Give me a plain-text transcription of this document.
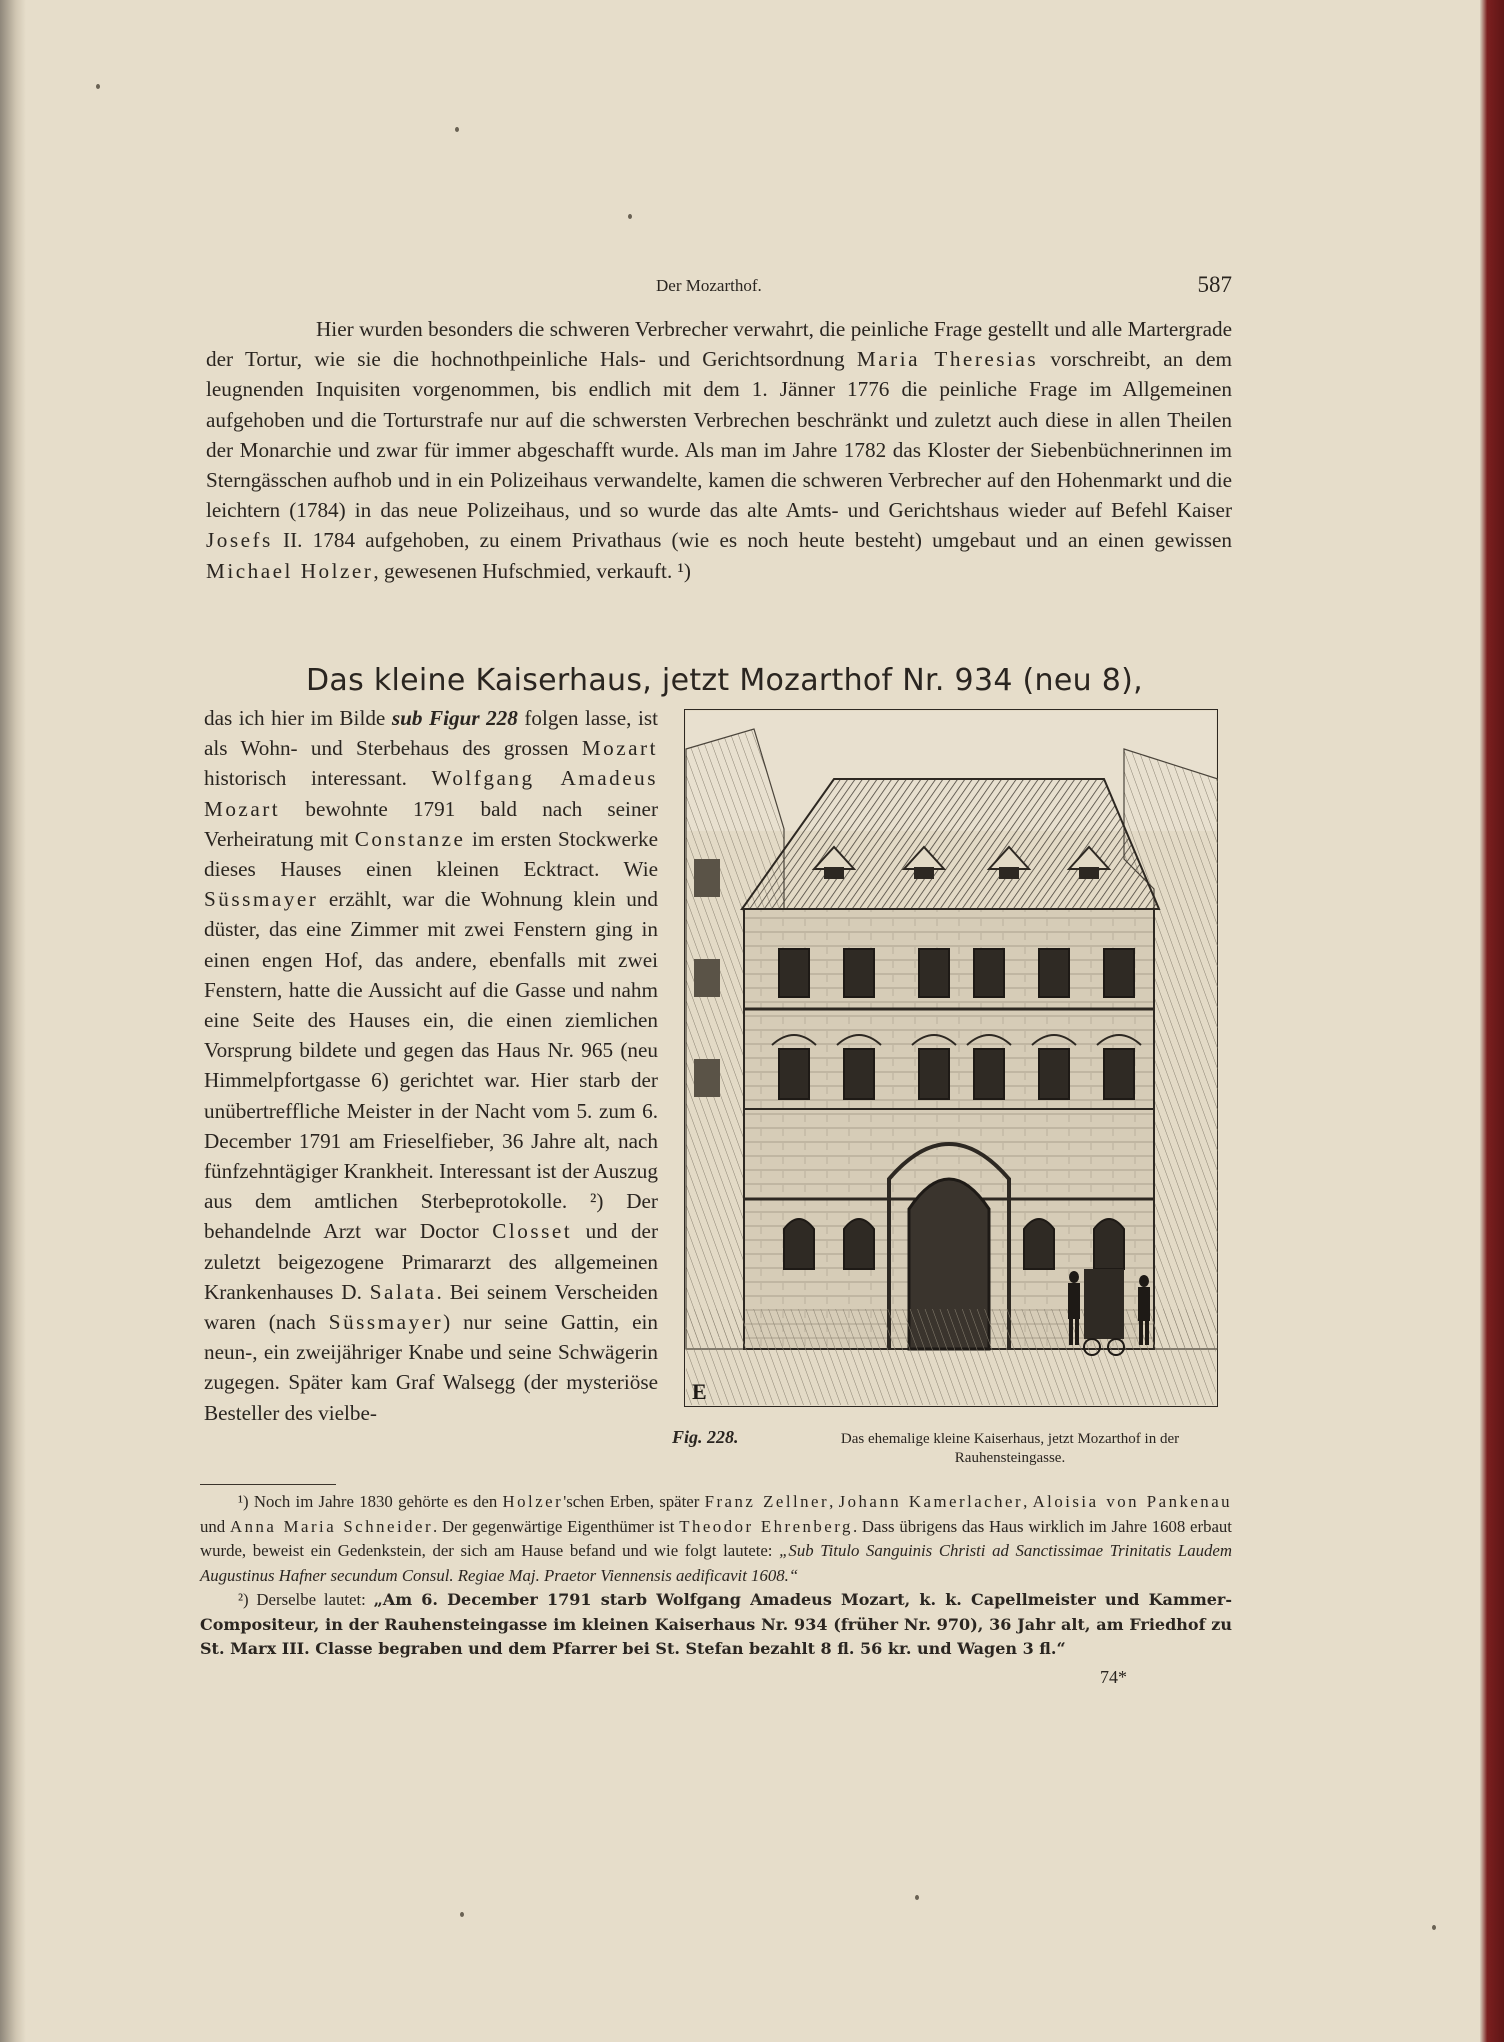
Der Mozarthof.	587

Hier wurden besonders die schweren Verbrecher verwahrt, die peinliche Frage gestellt und alle Martergrade der Tortur, wie sie die hochnothpeinliche Hals- und Gerichtsordnung Maria Theresias vorschreibt, an dem leugnenden Inquisiten vorgenommen, bis endlich mit dem 1. Jänner 1776 die peinliche Frage im Allgemeinen aufgehoben und die Torturstrafe nur auf die schwersten Verbrechen beschränkt und zuletzt auch diese in allen Theilen der Monarchie und zwar für immer abgeschafft wurde. Als man im Jahre 1782 das Kloster der Siebenbüchnerinnen im Sterngässchen aufhob und in ein Polizeihaus verwandelte, kamen die schweren Verbrecher auf den Hohenmarkt und die leichtern (1784) in das neue Polizeihaus, und so wurde das alte Amts- und Gerichtshaus wieder auf Befehl Kaiser Josefs II. 1784 aufgehoben, zu einem Privathaus (wie es noch heute besteht) umgebaut und an einen gewissen Michael Holzer, gewesenen Hufschmied, verkauft. ¹)

Das kleine Kaiserhaus, jetzt Mozarthof Nr. 934 (neu 8),

das ich hier im Bilde sub Figur 228 folgen lasse, ist als Wohn- und Sterbehaus des grossen Mozart historisch interessant. Wolfgang Amadeus Mozart bewohnte 1791 bald nach seiner Verheiratung mit Constanze im ersten Stockwerke dieses Hauses einen kleinen Ecktract. Wie Süssmayer erzählt, war die Wohnung klein und düster, das eine Zimmer mit zwei Fenstern ging in einen engen Hof, das andere, ebenfalls mit zwei Fenstern, hatte die Aussicht auf die Gasse und nahm eine Seite des Hauses ein, die einen ziemlichen Vorsprung bildete und gegen das Haus Nr. 965 (neu Himmelpfortgasse 6) gerichtet war. Hier starb der unübertreffliche Meister in der Nacht vom 5. zum 6. December 1791 am Frieselfieber, 36 Jahre alt, nach fünfzehntägiger Krankheit. Interessant ist der Auszug aus dem amtlichen Sterbeprotokolle. ²) Der behandelnde Arzt war Doctor Closset und der zuletzt beigezogene Primararzt des allgemeinen Krankenhauses D. Salata. Bei seinem Verscheiden waren (nach Süssmayer) nur seine Gattin, ein neun-, ein zweijähriger Knabe und seine Schwägerin zugegen. Später kam Graf Walsegg (der mysteriöse Besteller des vielbe-

E
Fig. 228.	Das ehemalige kleine Kaiserhaus, jetzt Mozarthof in der Rauhensteingasse.

¹) Noch im Jahre 1830 gehörte es den Holzer'schen Erben, später Franz Zellner, Johann Kamerlacher, Aloisia von Pankenau und Anna Maria Schneider. Der gegenwärtige Eigenthümer ist Theodor Ehrenberg. Dass übrigens das Haus wirklich im Jahre 1608 erbaut wurde, beweist ein Gedenkstein, der sich am Hause befand und wie folgt lautete: „Sub Titulo Sanguinis Christi ad Sanctissimae Trinitatis Laudem Augustinus Hafner secundum Consul. Regiae Maj. Praetor Viennensis aedificavit 1608.“

²) Derselbe lautet: „Am 6. December 1791 starb Wolfgang Amadeus Mozart, k. k. Capellmeister und Kammer-Compositeur, in der Rauhensteingasse im kleinen Kaiserhaus Nr. 934 (früher Nr. 970), 36 Jahr alt, am Friedhof zu St. Marx III. Classe begraben und dem Pfarrer bei St. Stefan bezahlt 8 fl. 56 kr. und Wagen 3 fl.“

74*
